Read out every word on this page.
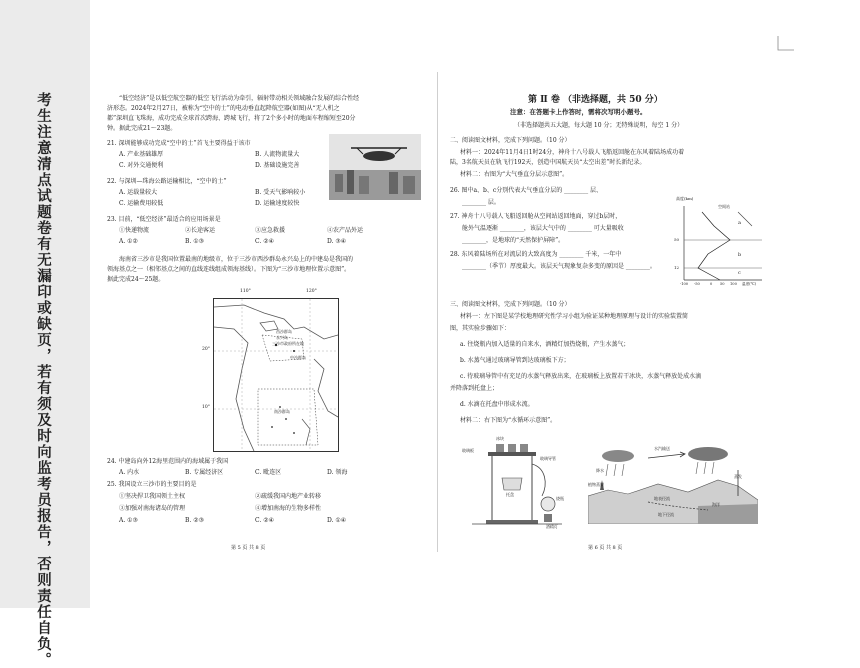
考生注意清点试题卷有无漏印或缺页，若有须及时向监考员报告，否则责任自负。	“低空经济”是以低空航空器的低空飞行活动为牵引，辐射带动相关领域融合发展的综合性经
济形态。2024年2月27日，被称为“空中的士”的电动垂直起降航空器(如图)从“无人机之
都”深圳直飞珠海，成功完成全球首次跨海、跨城飞行，将了2个多小时的地面车程缩短至20分
钟。据此完成21～23题。
21. 深圳能够成功完成“空中的士”首飞主要得益于该市
A. 产业基础雄厚	B. 人流物流量大
C. 对外交通便利	D. 基础设施完善
22. 与深圳—珠海公路运输相比，“空中的士”
A. 运载量较大	B. 受天气影响较小
C. 运输费用较低	D. 运输速度较快
23. 目前，“低空经济”最适合的应用场景是
①快递物流	②长途客运	③应急救援	④农产品外运
A. ①②	B. ①③	C. ②④	D. ③④
海南省三沙市是我国位置最南的地级市，位于三沙市西沙群岛永兴岛上的中建岛是我国的
领海基点之一（相邻基点之间的直线连线组成领海基线）。下图为“三沙市地理位置示意图”。
据此完成24～25题。
110°	120°
20°
10°
西沙群岛
永兴岛
三沙市政府所在地
中沙群岛
南沙群岛
24. 中建岛向外12海里范围内的海域属于我国
A. 内水	B. 专属经济区	C. 毗连区	D. 领海
25. 我国设立三沙市的主要目的是
①坚决捍卫我国领土主权	②疏缓我国内地产业转移
③加强对南海诸岛的管理	④增加南海的生物多样性
A. ①③	B. ②③	C. ②④	D. ①④
第 5 页 共 8 页
第 Ⅱ 卷 （非选择题，共 50 分）
注意：在答题卡上作答时，需将次写明小题号。
（非选择题共五大题，每大题 10 分；无特殊说明，每空 1 分）
二、阅读图文材料，完成下列问题。（10 分）
材料一：2024年11月4日1时24分，神舟十八号载人飞船返回舱在东风着陆场成功着
陆，3名航天员在轨飞行192天，创造中国航天员“太空出差”时长新纪录。
材料二：右图为“大气垂直分层示意图”。
26. 图中a、b、c分别代表大气垂直分层的 ________ 层、
________ 层。
27. 神舟十八号载人飞船返回舱从空间站返回地面，穿过b层时，
舱外气温逐渐 ________，该层大气中的 ________ 可大量吸收
________，是地球的“天然保护屏障”。
28. 东风着陆场所在对流层的大致高度为 ________ 千米，一年中
________（季节）厚度最大。该层天气现象复杂多变的原因是 ________。
高度(km)
空间站
50
12
a
b
c
-100 -50	0 50 100 温度(℃)
三、阅读图文材料，完成下列问题。（10 分）
材料一：左下图是某学校地理研究性学习小组为验证某种地理原理与设计的实验装置简
图，其实验步骤如下：
a. 往烧瓶内加入适量的自来水，酒精灯加热烧瓶，产生水蒸气；
b. 水蒸气通过玻璃导管到达玻璃板下方；
c. 待玻璃导管中有充足的水蒸气释放出来，在玻璃板上放置若干冰块，水蒸气释放处成水滴
并降落到托盘上；
d. 水滴在托盘中形成水流。
材料二：右下图为“水循环示意图”。
冰块
玻璃板
玻璃导管
烧瓶
托盘
酒精灯
海洋
蒸发
水汽输送
降水
地表径流
地下径流
植物蒸腾
第 6 页 共 8 页
